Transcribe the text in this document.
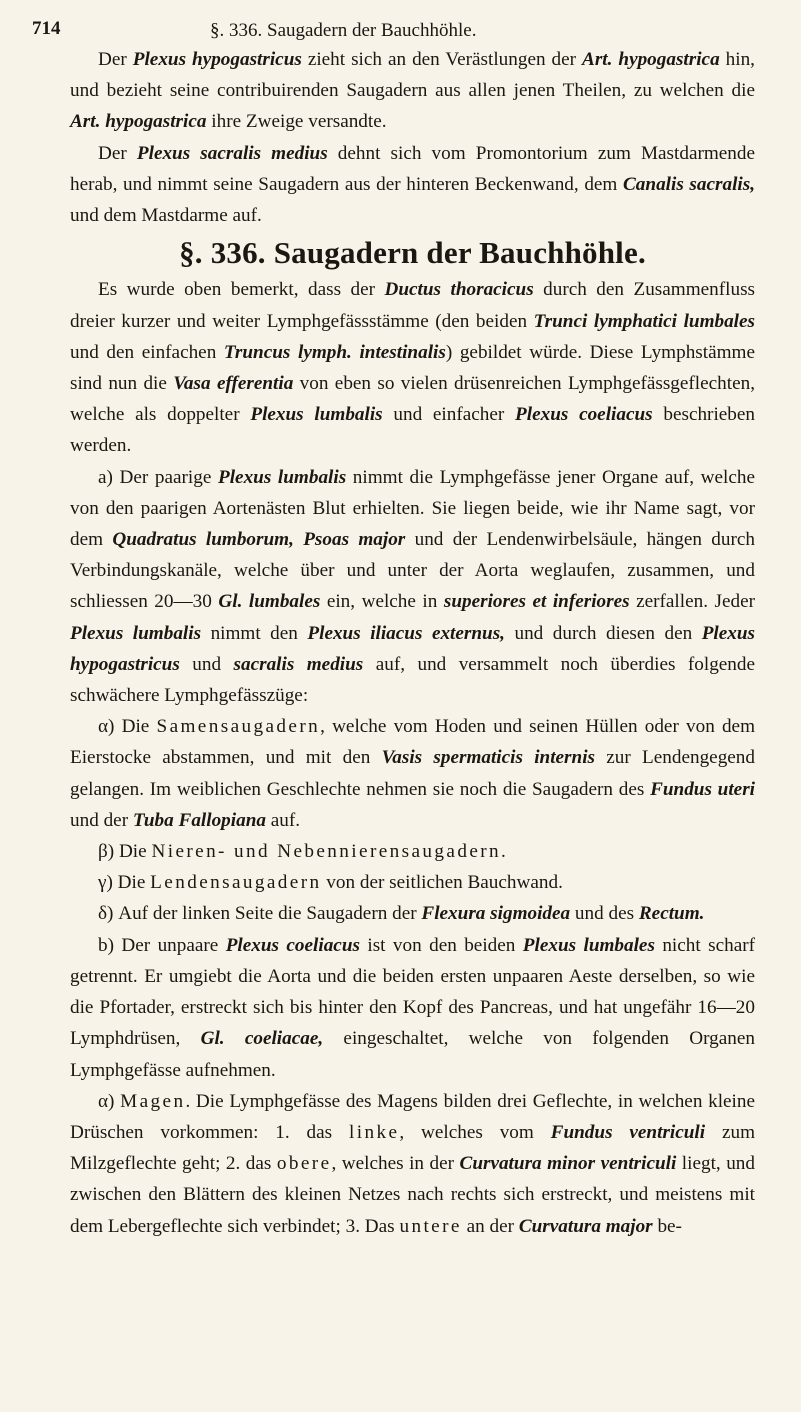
714	§. 336. Saugadern der Bauchhöhle.

Der Plexus hypogastricus zieht sich an den Verästlungen der Art. hypogastrica hin, und bezieht seine contribuirenden Saugadern aus allen jenen Theilen, zu welchen die Art. hypogastrica ihre Zweige versandte.

Der Plexus sacralis medius dehnt sich vom Promontorium zum Mastdarmende herab, und nimmt seine Saugadern aus der hinteren Beckenwand, dem Canalis sacralis, und dem Mastdarme auf.

§. 336. Saugadern der Bauchhöhle.

Es wurde oben bemerkt, dass der Ductus thoracicus durch den Zusammenfluss dreier kurzer und weiter Lymphgefässstämme (den beiden Trunci lymphatici lumbales und den einfachen Truncus lymph. intestinalis) gebildet würde. Diese Lymphstämme sind nun die Vasa efferentia von eben so vielen drüsenreichen Lymphgefässgeflechten, welche als doppelter Plexus lumbalis und einfacher Plexus coeliacus beschrieben werden.

a) Der paarige Plexus lumbalis nimmt die Lymphgefässe jener Organe auf, welche von den paarigen Aortenästen Blut erhielten. Sie liegen beide, wie ihr Name sagt, vor dem Quadratus lumborum, Psoas major und der Lendenwirbelsäule, hängen durch Verbindungskanäle, welche über und unter der Aorta weglaufen, zusammen, und schliessen 20—30 Gl. lumbales ein, welche in superiores et inferiores zerfallen. Jeder Plexus lumbalis nimmt den Plexus iliacus externus, und durch diesen den Plexus hypogastricus und sacralis medius auf, und versammelt noch überdies folgende schwächere Lymphgefässzüge:

α) Die Samensaugadern, welche vom Hoden und seinen Hüllen oder von dem Eierstocke abstammen, und mit den Vasis spermaticis internis zur Lendengegend gelangen. Im weiblichen Geschlechte nehmen sie noch die Saugadern des Fundus uteri und der Tuba Fallopiana auf.

β) Die Nieren- und Nebennierensaugadern.

γ) Die Lendensaugadern von der seitlichen Bauchwand.

δ) Auf der linken Seite die Saugadern der Flexura sigmoidea und des Rectum.

b) Der unpaare Plexus coeliacus ist von den beiden Plexus lumbales nicht scharf getrennt. Er umgiebt die Aorta und die beiden ersten unpaaren Aeste derselben, so wie die Pfortader, erstreckt sich bis hinter den Kopf des Pancreas, und hat ungefähr 16—20 Lymphdrüsen, Gl. coeliacae, eingeschaltet, welche von folgenden Organen Lymphgefässe aufnehmen.

α) Magen. Die Lymphgefässe des Magens bilden drei Geflechte, in welchen kleine Drüschen vorkommen: 1. das linke, welches vom Fundus ventriculi zum Milzgeflechte geht; 2. das obere, welches in der Curvatura minor ventriculi liegt, und zwischen den Blättern des kleinen Netzes nach rechts sich erstreckt, und meistens mit dem Lebergeflechte sich verbindet; 3. Das untere an der Curvatura major be-
